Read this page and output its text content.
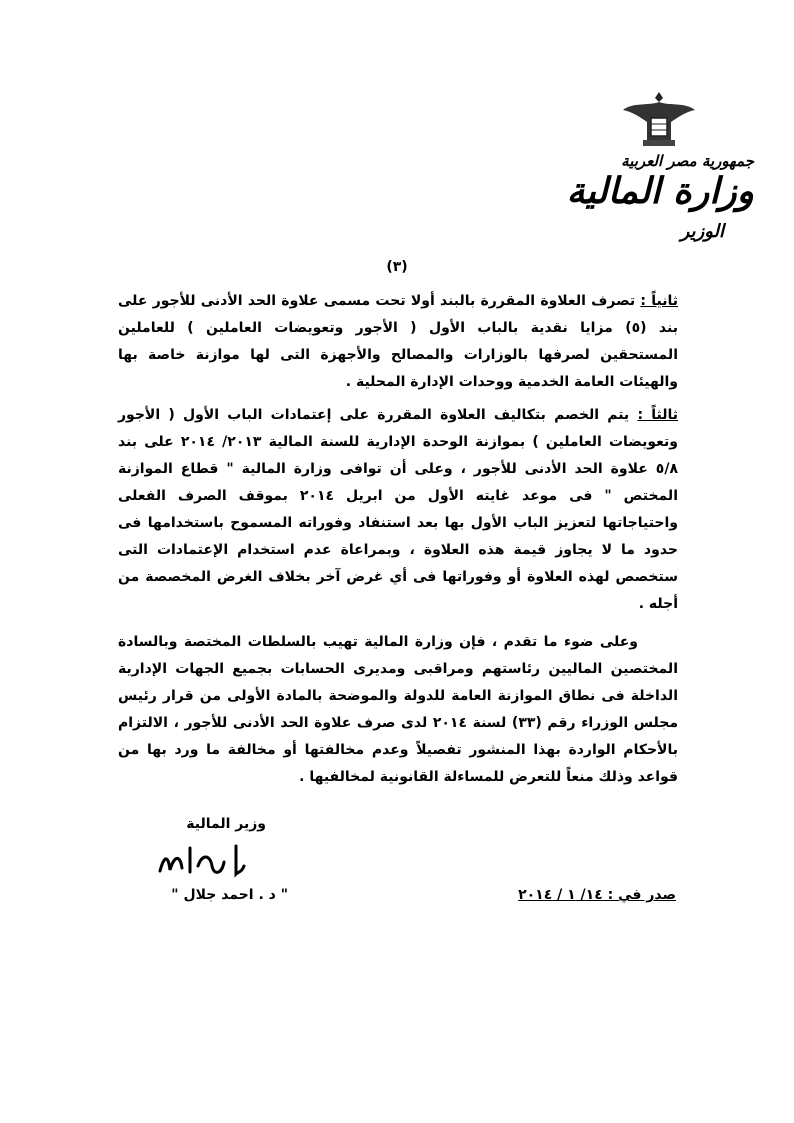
جمهورية مصر العربية
وزارة المالية
الوزير
(٣)
ثانياً : تصرف العلاوة المقررة بالبند أولا تحت مسمى علاوة الحد الأدنى للأجور على بند (٥) مزايا نقدية بالباب الأول ( الأجور وتعويضات العاملين ) للعاملين المستحقين لصرفها بالوزارات والمصالح والأجهزة التى لها موازنة خاصة بها والهيئات العامة الخدمية ووحدات الإدارة المحلية .
ثالثاً : يتم الخصم بتكاليف العلاوة المقررة على إعتمادات الباب الأول ( الأجور وتعويضات العاملين ) بموازنة الوحدة الإدارية للسنة المالية ٢٠١٣/ ٢٠١٤ على بند ٥/٨ علاوة الحد الأدنى للأجور ، وعلى أن توافى وزارة المالية " قطاع الموازنة المختص " فى موعد غايته الأول من ابريل ٢٠١٤ بموقف الصرف الفعلى واحتياجاتها لتعزيز الباب الأول بها بعد استنفاد وفوراته المسموح باستخدامها فى حدود ما لا يجاوز قيمة هذه العلاوة ، وبمراعاة عدم استخدام الإعتمادات التى ستخصص لهذه العلاوة أو وفوراتها فى أي غرض آخر بخلاف الغرض المخصصة من أجله .
وعلى ضوء ما تقدم ، فإن وزارة المالية تهيب بالسلطات المختصة وبالسادة المختصين الماليين رئاستهم ومراقبى ومديرى الحسابات بجميع الجهات الإدارية الداخلة فى نطاق الموازنة العامة للدولة والموضحة بالمادة الأولى من قرار رئيس مجلس الوزراء رقم (٣٣) لسنة ٢٠١٤ لدى صرف علاوة الحد الأدنى للأجور ، الالتزام بالأحكام الواردة بهذا المنشور تفصيلاً وعدم مخالفتها أو مخالفة ما ورد بها من قواعد وذلك منعاً للتعرض للمساءلة القانونية لمخالفيها .
وزير المالية
" د . احمد جلال "	صدر في : ١٤/ ١ / ٢٠١٤
